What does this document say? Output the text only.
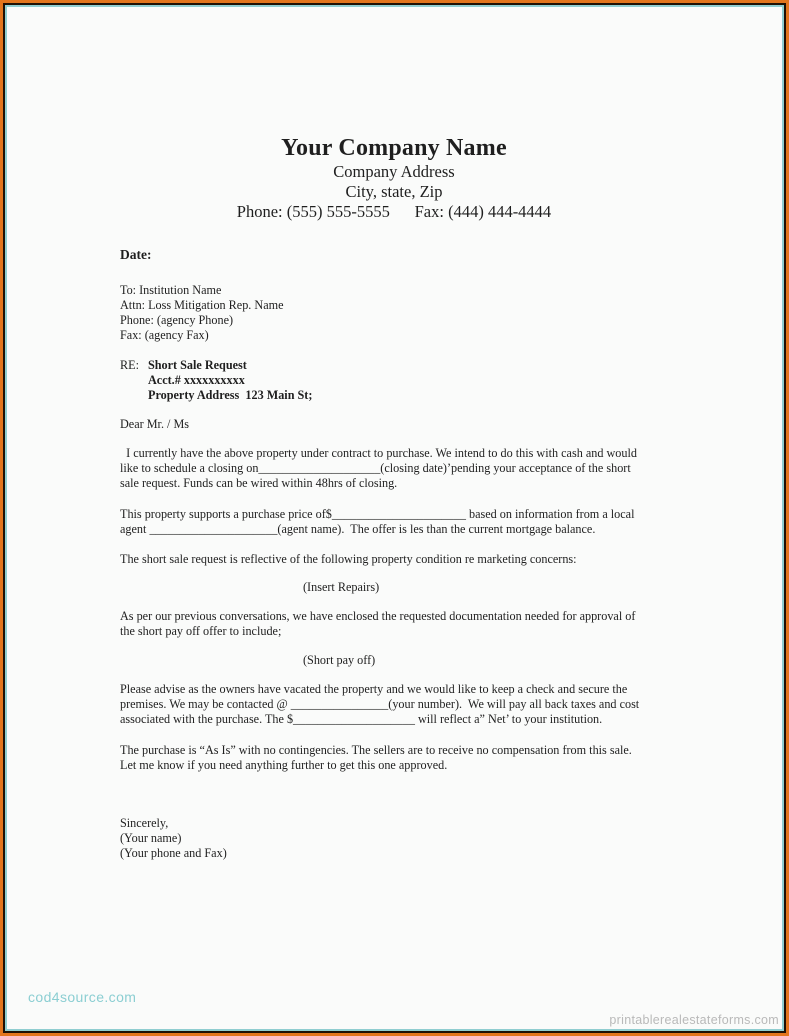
Your Company Name
Company Address
City, state, Zip
Phone: (555) 555-5555      Fax: (444) 444-4444
Date:
To: Institution Name
Attn: Loss Mitigation Rep. Name
Phone: (agency Phone)
Fax: (agency Fax)
RE: Short Sale Request
Acct.# xxxxxxxxxx
Property Address  123 Main St;
Dear Mr. / Ms
I currently have the above property under contract to purchase. We intend to do this with cash and would
like to schedule a closing on____________________(closing date)’pending your acceptance of the short
sale request. Funds can be wired within 48hrs of closing.
This property supports a purchase price of$______________________ based on information from a local
agent _____________________(agent name).  The offer is les than the current mortgage balance.
The short sale request is reflective of the following property condition re marketing concerns:
(Insert Repairs)
As per our previous conversations, we have enclosed the requested documentation needed for approval of
the short pay off offer to include;
(Short pay off)
Please advise as the owners have vacated the property and we would like to keep a check and secure the
premises. We may be contacted @ ________________(your number).  We will pay all back taxes and cost
associated with the purchase. The $____________________ will reflect a” Net’ to your institution.
The purchase is “As Is” with no contingencies. The sellers are to receive no compensation from this sale.
Let me know if you need anything further to get this one approved.
Sincerely,
(Your name)
(Your phone and Fax)
cod4source.com
printablerealestateforms.com
